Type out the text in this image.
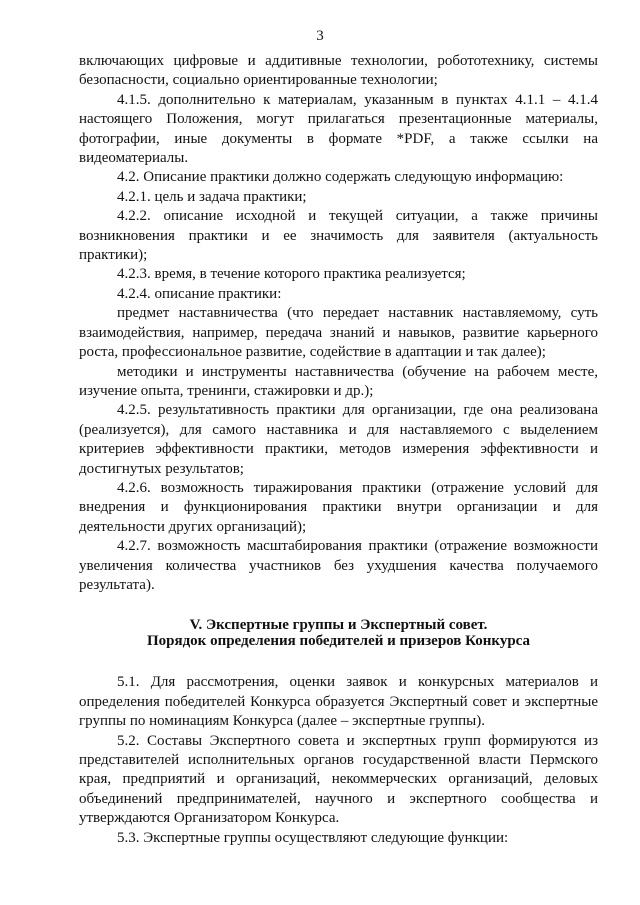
3

включающих цифровые и аддитивные технологии, робототехнику, системы безопасности, социально ориентированные технологии;

4.1.5. дополнительно к материалам, указанным в пунктах 4.1.1 – 4.1.4 настоящего Положения, могут прилагаться презентационные материалы, фотографии, иные документы в формате *PDF, а также ссылки на видеоматериалы.

4.2. Описание практики должно содержать следующую информацию:

4.2.1. цель и задача практики;

4.2.2. описание исходной и текущей ситуации, а также причины возникновения практики и ее значимость для заявителя (актуальность практики);

4.2.3. время, в течение которого практика реализуется;

4.2.4. описание практики:

предмет наставничества (что передает наставник наставляемому, суть взаимодействия, например, передача знаний и навыков, развитие карьерного роста, профессиональное развитие, содействие в адаптации и так далее);

методики и инструменты наставничества (обучение на рабочем месте, изучение опыта, тренинги, стажировки и др.);

4.2.5. результативность практики для организации, где она реализована (реализуется), для самого наставника и для наставляемого с выделением критериев эффективности практики, методов измерения эффективности и достигнутых результатов;

4.2.6. возможность тиражирования практики (отражение условий для внедрения и функционирования практики внутри организации и для деятельности других организаций);

4.2.7. возможность масштабирования практики (отражение возможности увеличения количества участников без ухудшения качества получаемого результата).

V. Экспертные группы и Экспертный совет.
Порядок определения победителей и призеров Конкурса

5.1. Для рассмотрения, оценки заявок и конкурсных материалов и определения победителей Конкурса образуется Экспертный совет и экспертные группы по номинациям Конкурса (далее – экспертные группы).

5.2. Составы Экспертного совета и экспертных групп формируются из представителей исполнительных органов государственной власти Пермского края, предприятий и организаций, некоммерческих организаций, деловых объединений предпринимателей, научного и экспертного сообщества и утверждаются Организатором Конкурса.

5.3. Экспертные группы осуществляют следующие функции:
